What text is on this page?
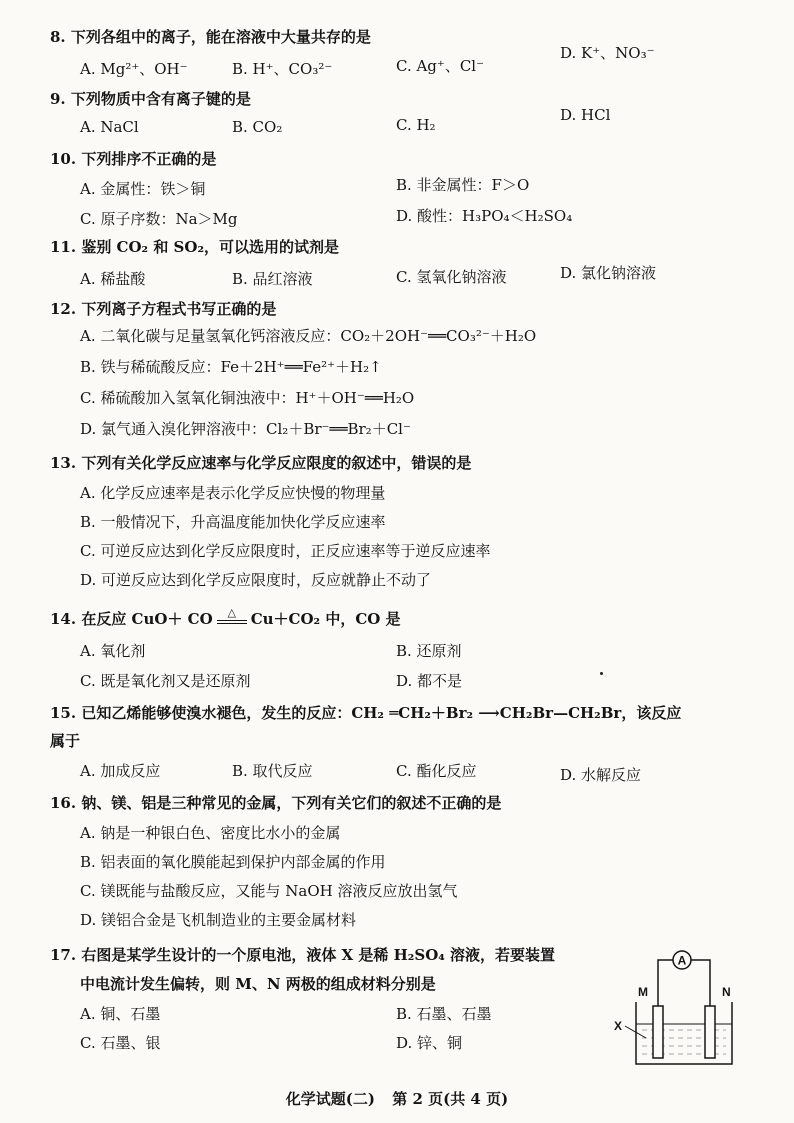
8. 下列各组中的离子，能在溶液中大量共存的是
A. Mg²⁺、OH⁻	B. H⁺、CO₃²⁻	C. Ag⁺、Cl⁻
D. K⁺、NO₃⁻
9. 下列物质中含有离子键的是
A. NaCl	B. CO₂	C. H₂
D. HCl
10. 下列排序不正确的是
A. 金属性：铁＞铜	B. 非金属性：F＞O
C. 原子序数：Na＞Mg	D. 酸性：H₃PO₄＜H₂SO₄
11. 鉴别 CO₂ 和 SO₂，可以选用的试剂是
A. 稀盐酸	B. 品红溶液	C. 氢氧化钠溶液	D. 氯化钠溶液
12. 下列离子方程式书写正确的是
A. 二氧化碳与足量氢氧化钙溶液反应：CO₂＋2OH⁻══CO₃²⁻＋H₂O
B. 铁与稀硫酸反应：Fe＋2H⁺══Fe²⁺＋H₂↑
C. 稀硫酸加入氢氧化铜浊液中：H⁺＋OH⁻══H₂O
D. 氯气通入溴化钾溶液中：Cl₂＋Br⁻══Br₂＋Cl⁻
13. 下列有关化学反应速率与化学反应限度的叙述中，错误的是
A. 化学反应速率是表示化学反应快慢的物理量
B. 一般情况下，升高温度能加快化学反应速率
C. 可逆反应达到化学反应限度时，正反应速率等于逆反应速率
D. 可逆反应达到化学反应限度时，反应就静止不动了
14. 在反应 CuO＋ CO	△ Cu＋CO₂ 中，CO 是
A. 氧化剂	B. 还原剂
C. 既是氧化剂又是还原剂	D. 都不是
15. 已知乙烯能够使溴水褪色，发生的反应：CH₂ ═CH₂＋Br₂ ⟶CH₂Br—CH₂Br，该反应
属于
A. 加成反应	B. 取代反应	C. 酯化反应	D. 水解反应
16. 钠、镁、铝是三种常见的金属，下列有关它们的叙述不正确的是
A. 钠是一种银白色、密度比水小的金属
B. 铝表面的氧化膜能起到保护内部金属的作用
C. 镁既能与盐酸反应，又能与 NaOH 溶液反应放出氢气
D. 镁铝合金是飞机制造业的主要金属材料
17. 右图是某学生设计的一个原电池，液体 X 是稀 H₂SO₄ 溶液，若要装置
中电流计发生偏转，则 M、N 两极的组成材料分别是
A. 铜、石墨	B. 石墨、石墨
C. 石墨、银	D. 锌、铜
A
M	N
X
化学试题(二) 第 2 页(共 4 页)
